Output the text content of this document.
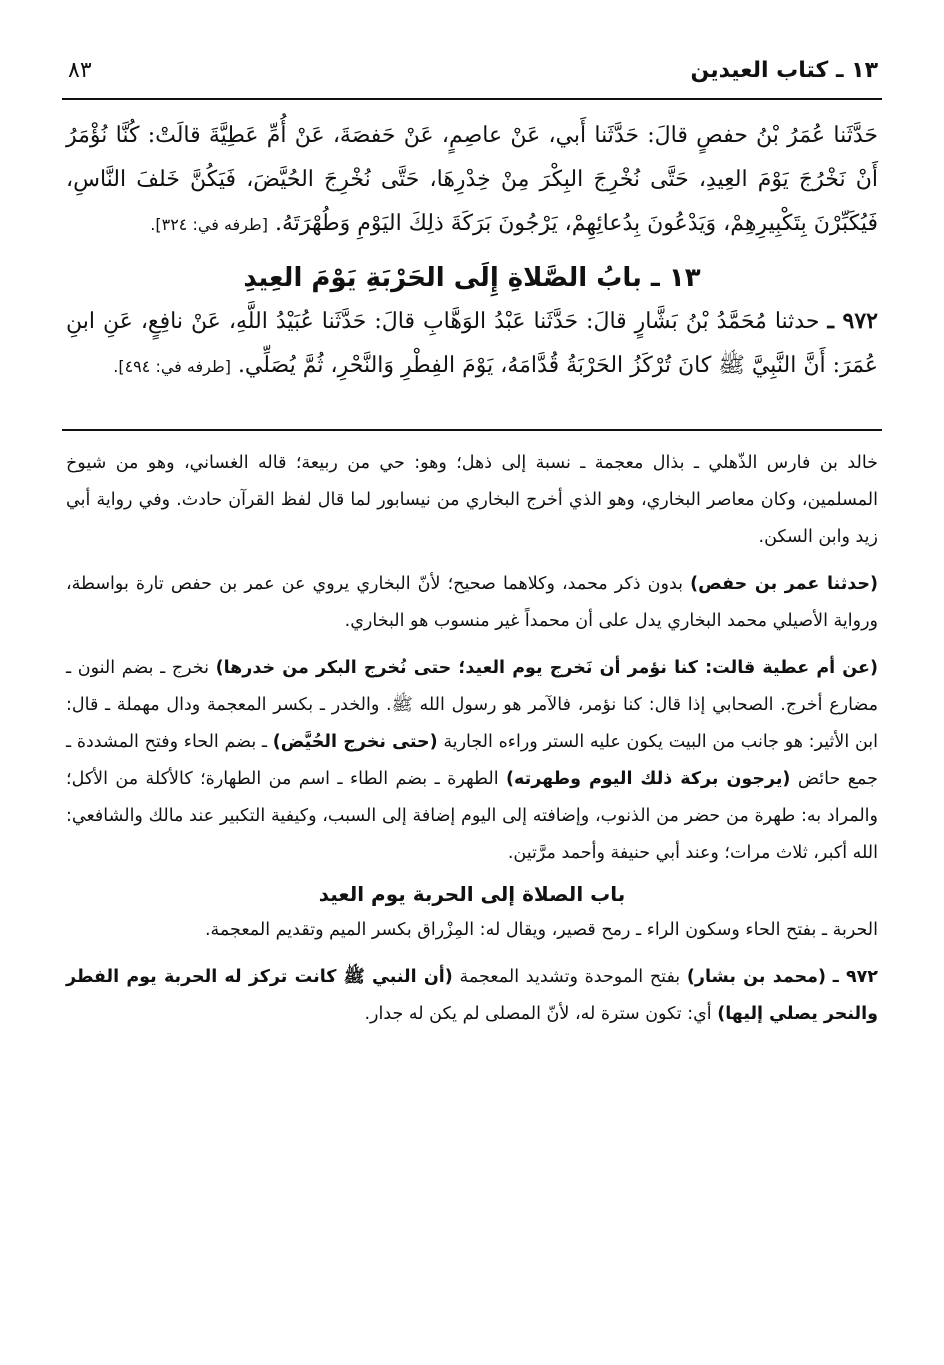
١٣ ـ كتاب العيدين
٨٣
حَدَّثَنا عُمَرُ بْنُ حفصٍ قالَ: حَدَّثَنا أَبي، عَنْ عاصِمٍ، عَنْ حَفصَةَ، عَنْ أُمِّ عَطِيَّةَ قالَتْ: كُنَّا نُؤْمَرُ أَنْ نَخْرُجَ يَوْمَ العِيدِ، حَتَّى نُخْرِجَ البِكْرَ مِنْ خِدْرِهَا، حَتَّى نُخْرِجَ الحُيَّضَ، فَيَكُنَّ خَلفَ النَّاسِ، فَيُكَبِّرْنَ بِتَكْبِيرِهِمْ، وَيَدْعُونَ بِدُعائِهِمْ، يَرْجُونَ بَرَكَةَ ذلِكَ اليَوْمِ وَطُهْرَتَهُ. [طرفه في: ٣٢٤].
١٣ ـ بابُ الصَّلاةِ إِلَى الحَرْبَةِ يَوْمَ العِيدِ
٩٧٢ ـ حدثنا مُحَمَّدُ بْنُ بَشَّارٍ قالَ: حَدَّثَنا عَبْدُ الوَهَّابِ قالَ: حَدَّثَنا عُبَيْدُ اللَّهِ، عَنْ نافِعٍ، عَنِ ابنِ عُمَرَ: أَنَّ النَّبِيَّ ﷺ كانَ تُرْكَزُ الحَرْبَةُ قُدَّامَهُ، يَوْمَ الفِطْرِ وَالنَّحْرِ، ثُمَّ يُصَلِّي. [طرفه في: ٤٩٤].
خالد بن فارس الذّهلي ـ بذال معجمة ـ نسبة إلى ذهل؛ وهو: حي من ربيعة؛ قاله الغساني، وهو من شيوخ المسلمين، وكان معاصر البخاري، وهو الذي أخرج البخاري من نيسابور لما قال لفظ القرآن حادث. وفي رواية أبي زيد وابن السكن.
(حدثنا عمر بن حفص) بدون ذكر محمد، وكلاهما صحيح؛ لأنّ البخاري يروي عن عمر بن حفص تارة بواسطة، ورواية الأصيلي محمد البخاري يدل على أن محمداً غير منسوب هو البخاري.
(عن أم عطية قالت: كنا نؤمر أن نَخرج يوم العيد؛ حتى نُخرج البكر من خدرها) نخرج ـ بضم النون ـ مضارع أخرج. الصحابي إذا قال: كنا نؤمر، فالآمر هو رسول الله ﷺ. والخدر ـ بكسر المعجمة ودال مهملة ـ قال: ابن الأثير: هو جانب من البيت يكون عليه الستر وراءه الجارية (حتى نخرج الحُيَّض) ـ بضم الحاء وفتح المشددة ـ جمع حائض (يرجون بركة ذلك اليوم وطهرته) الطهرة ـ بضم الطاء ـ اسم من الطهارة؛ كالأكلة من الأكل؛ والمراد به: طهرة من حضر من الذنوب، وإضافته إلى اليوم إضافة إلى السبب، وكيفية التكبير عند مالك والشافعي: الله أكبر، ثلاث مرات؛ وعند أبي حنيفة وأحمد مرَّتين.
باب الصلاة إلى الحربة يوم العيد
الحربة ـ بفتح الحاء وسكون الراء ـ رمح قصير، ويقال له: المِزْراق بكسر الميم وتقديم المعجمة.
٩٧٢ ـ (محمد بن بشار) بفتح الموحدة وتشديد المعجمة (أن النبي ﷺ كانت تركز له الحربة يوم الفطر والنحر يصلي إليها) أي: تكون سترة له، لأنّ المصلى لم يكن له جدار.
